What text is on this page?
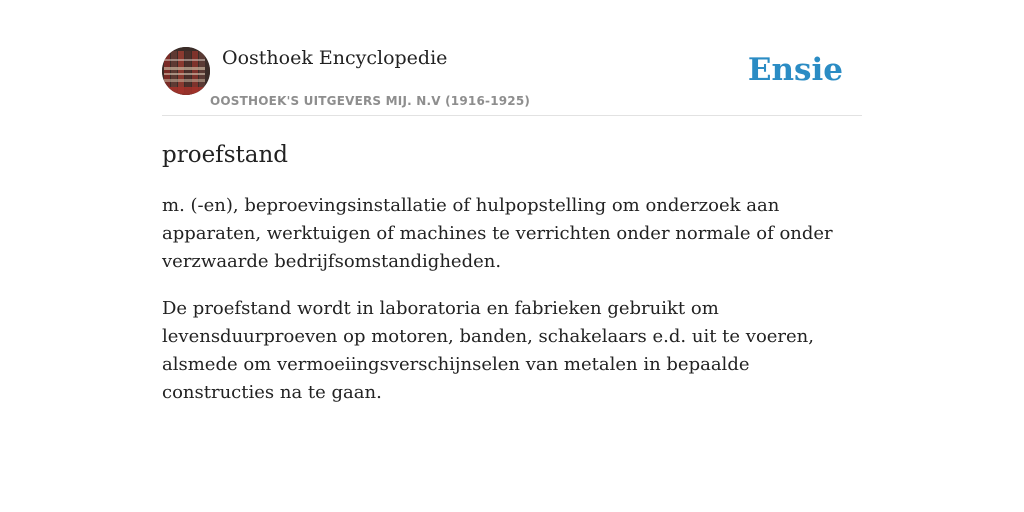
Oosthoek Encyclopedie
OOSTHOEK'S UITGEVERS MIJ. N.V (1916-1925)
Ensie
proefstand

m. (-en), beproevingsinstallatie of hulpopstelling om onderzoek aan apparaten, werktuigen of machines te verrichten onder normale of onder verzwaarde bedrijfsomstandigheden.

De proefstand wordt in laboratoria en fabrieken gebruikt om levensduurproeven op motoren, banden, schakelaars e.d. uit te voeren, alsmede om vermoeiingsverschijnselen van metalen in bepaalde constructies na te gaan.
